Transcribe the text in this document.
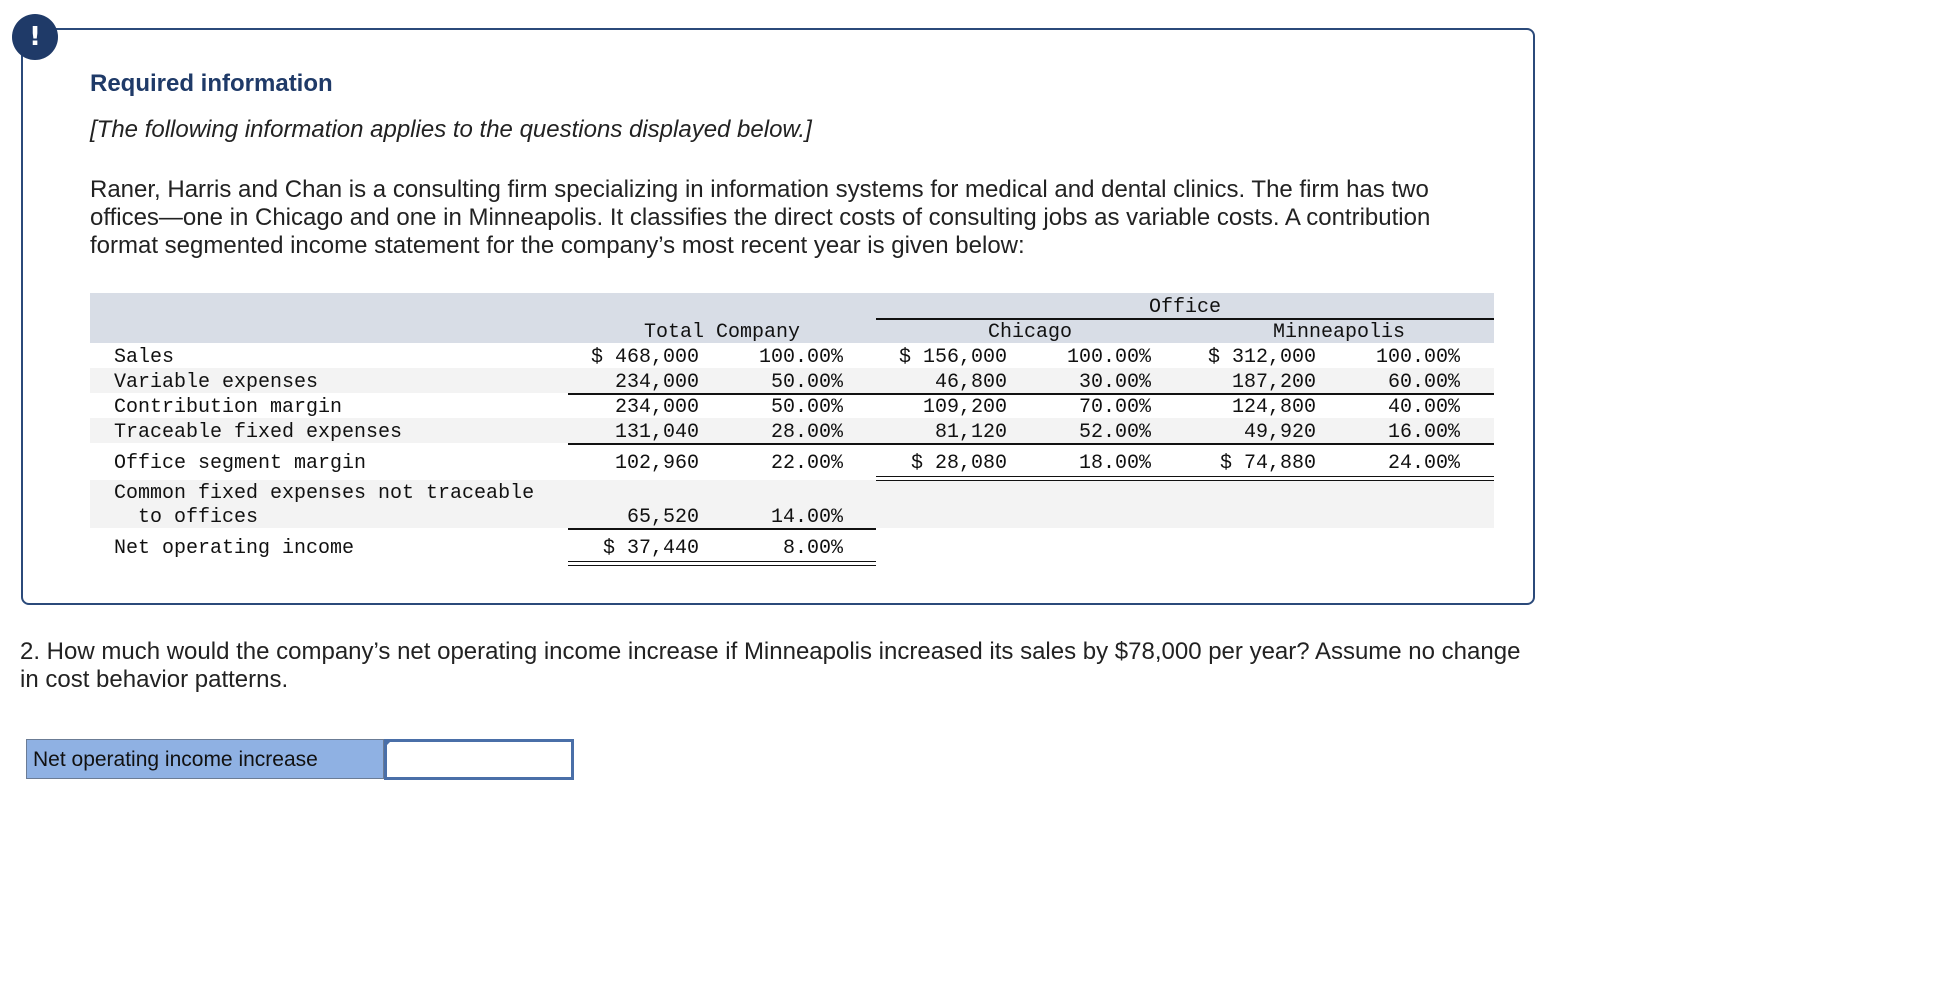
!
Required information
[The following information applies to the questions displayed below.]
Raner, Harris and Chan is a consulting firm specializing in information systems for medical and dental clinics. The firm has two offices—one in Chicago and one in Minneapolis. It classifies the direct costs of consulting jobs as variable costs. A contribution format segmented income statement for the company’s most recent year is given below:
Office
Total Company	Chicago	Minneapolis
Sales	$ 468,000	100.00%	$ 156,000	100.00%	$ 312,000	100.00%
Variable expenses	234,000	50.00%	46,800	30.00%	187,200	60.00%
Contribution margin	234,000	50.00%	109,200	70.00%	124,800	40.00%
Traceable fixed expenses	131,040	28.00%	81,120	52.00%	49,920	16.00%
Office segment margin	102,960	22.00%	$ 28,080	18.00%	$ 74,880	24.00%
Common fixed expenses not traceable
to offices	65,520	14.00%
Net operating income	$ 37,440	8.00%
2. How much would the company’s net operating income increase if Minneapolis increased its sales by $78,000 per year? Assume no change in cost behavior patterns.
Net operating income increase
